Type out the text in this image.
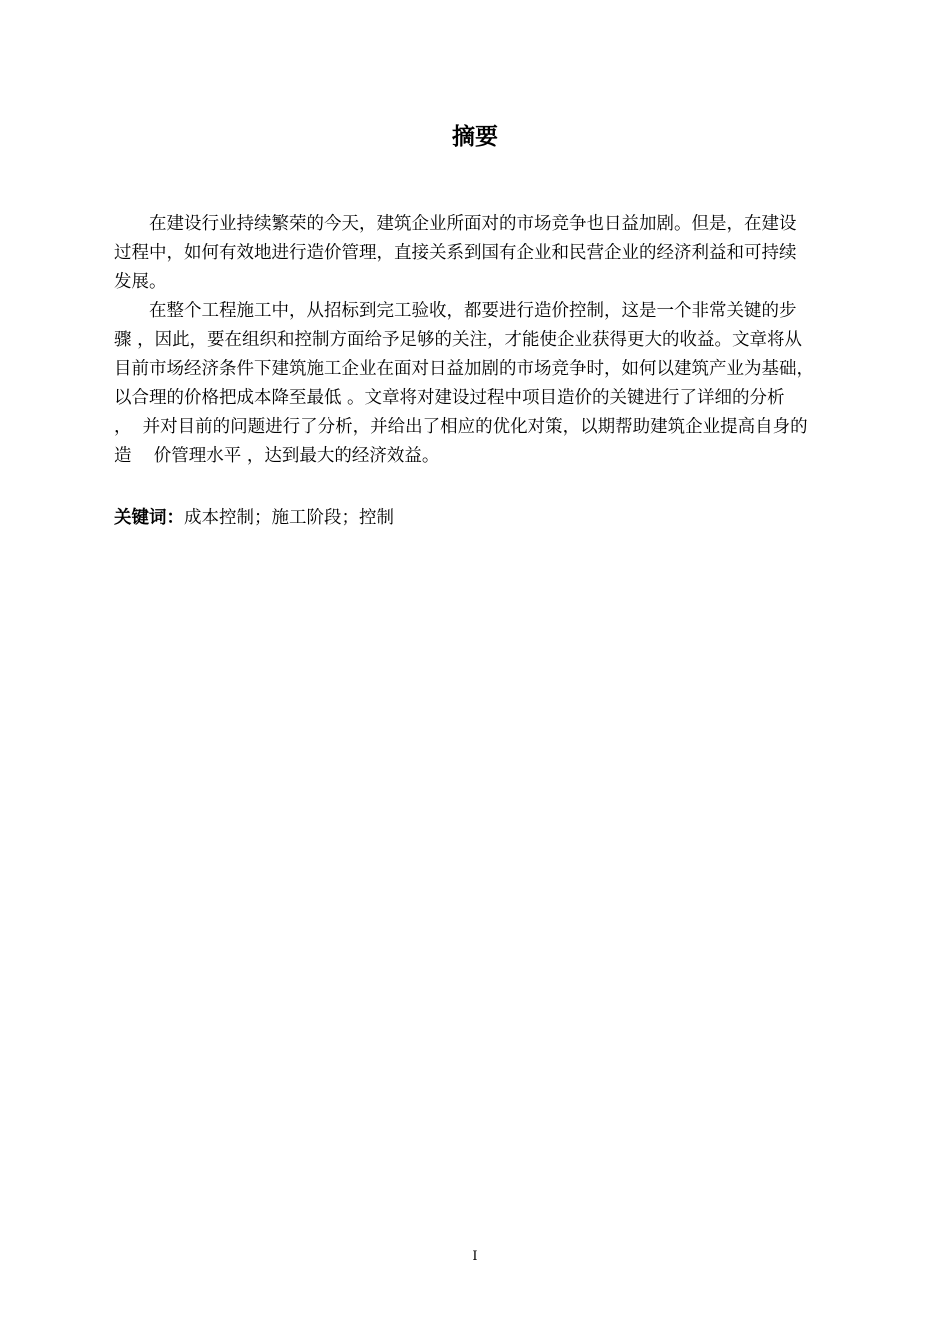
摘要
　　在建设行业持续繁荣的今天，建筑企业所面对的市场竞争也日益加剧。但是，在建设
过程中，如何有效地进行造价管理，直接关系到国有企业和民营企业的经济利益和可持续
发展。
　　在整个工程施工中，从招标到完工验收，都要进行造价控制，这是一个非常关键的步
骤 ，因此，要在组织和控制方面给予足够的关注，才能使企业获得更大的收益。文章将从
目前市场经济条件下建筑施工企业在面对日益加剧的市场竞争时，如何以建筑产业为基础，
以合理的价格把成本降至最低 。文章将对建设过程中项目造价的关键进行了详细的分析
，  并对目前的问题进行了分析，并给出了相应的优化对策，以期帮助建筑企业提高自身的
造    价管理水平 ，达到最大的经济效益。
关键词：成本控制；施工阶段；控制
I
